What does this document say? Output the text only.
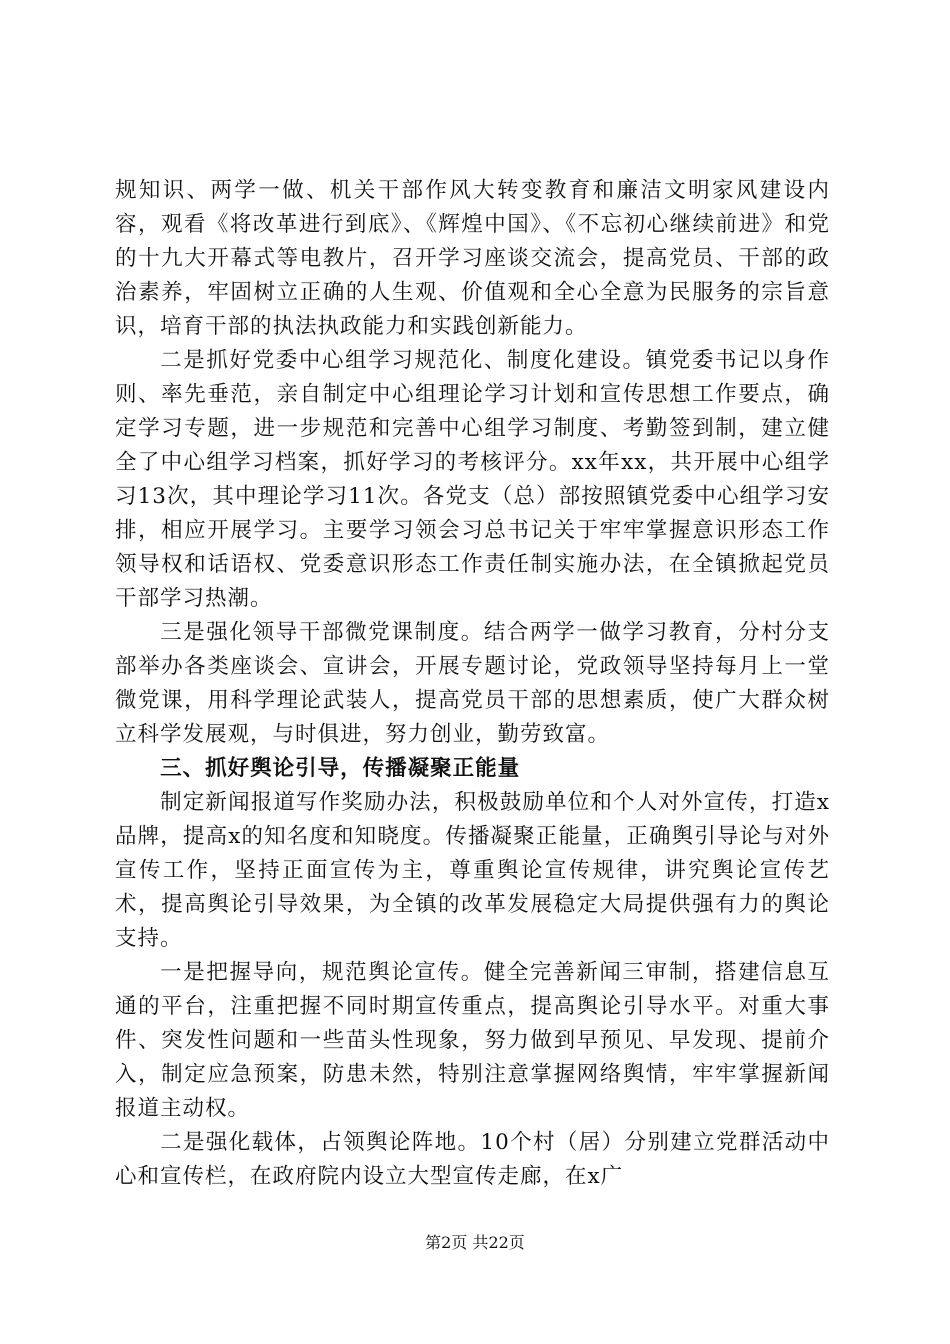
规知识、两学一做、机关干部作风大转变教育和廉洁文明家风建设内容，观看《将改革进行到底》、《辉煌中国》、《不忘初心继续前进》和党的十九大开幕式等电教片，召开学习座谈交流会，提高党员、干部的政治素养，牢固树立正确的人生观、价值观和全心全意为民服务的宗旨意识，培育干部的执法执政能力和实践创新能力。

二是抓好党委中心组学习规范化、制度化建设。镇党委书记以身作则、率先垂范，亲自制定中心组理论学习计划和宣传思想工作要点，确定学习专题，进一步规范和完善中心组学习制度、考勤签到制，建立健全了中心组学习档案，抓好学习的考核评分。xx年xx，共开展中心组学习13次，其中理论学习11次。各党支（总）部按照镇党委中心组学习安排，相应开展学习。主要学习领会习总书记关于牢牢掌握意识形态工作领导权和话语权、党委意识形态工作责任制实施办法，在全镇掀起党员干部学习热潮。

三是强化领导干部微党课制度。结合两学一做学习教育，分村分支部举办各类座谈会、宣讲会，开展专题讨论，党政领导坚持每月上一堂微党课，用科学理论武装人，提高党员干部的思想素质，使广大群众树立科学发展观，与时俱进，努力创业，勤劳致富。

三、抓好舆论引导，传播凝聚正能量

制定新闻报道写作奖励办法，积极鼓励单位和个人对外宣传，打造x品牌，提高x的知名度和知晓度。传播凝聚正能量，正确舆引导论与对外宣传工作，坚持正面宣传为主，尊重舆论宣传规律，讲究舆论宣传艺术，提高舆论引导效果，为全镇的改革发展稳定大局提供强有力的舆论支持。

一是把握导向，规范舆论宣传。健全完善新闻三审制，搭建信息互通的平台，注重把握不同时期宣传重点，提高舆论引导水平。对重大事件、突发性问题和一些苗头性现象，努力做到早预见、早发现、提前介入，制定应急预案，防患未然，特别注意掌握网络舆情，牢牢掌握新闻报道主动权。

二是强化载体，占领舆论阵地。10个村（居）分别建立党群活动中心和宣传栏，在政府院内设立大型宣传走廊，在x广

第2页 共22页
